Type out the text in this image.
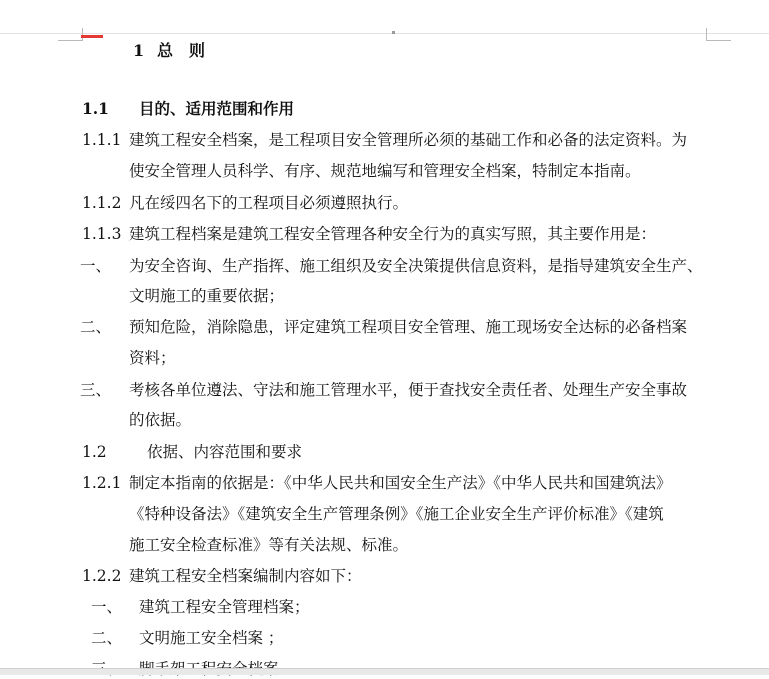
1 总　则
1.1 目的、适用范围和作用
1.1.1 建筑工程安全档案，是工程项目安全管理所必须的基础工作和必备的法定资料。为
使安全管理人员科学、有序、规范地编写和管理安全档案，特制定本指南。
1.1.2 凡在绥四名下的工程项目必须遵照执行。
1.1.3 建筑工程档案是建筑工程安全管理各种安全行为的真实写照，其主要作用是：
一、 为安全咨询、生产指挥、施工组织及安全决策提供信息资料，是指导建筑安全生产、
文明施工的重要依据；
二、 预知危险，消除隐患，评定建筑工程项目安全管理、施工现场安全达标的必备档案
资料；
三、 考核各单位遵法、守法和施工管理水平，便于查找安全责任者、处理生产安全事故
的依据。
1.2	依据、内容范围和要求
1.2.1 制定本指南的依据是：《中华人民共和国安全生产法》《中华人民共和国建筑法》
《特种设备法》《建筑安全生产管理条例》《施工企业安全生产评价标准》《建筑
施工安全检查标准》等有关法规、标准。
1.2.2 建筑工程安全档案编制内容如下：
一、 建筑工程安全管理档案；
二、 文明施工安全档案 ；
